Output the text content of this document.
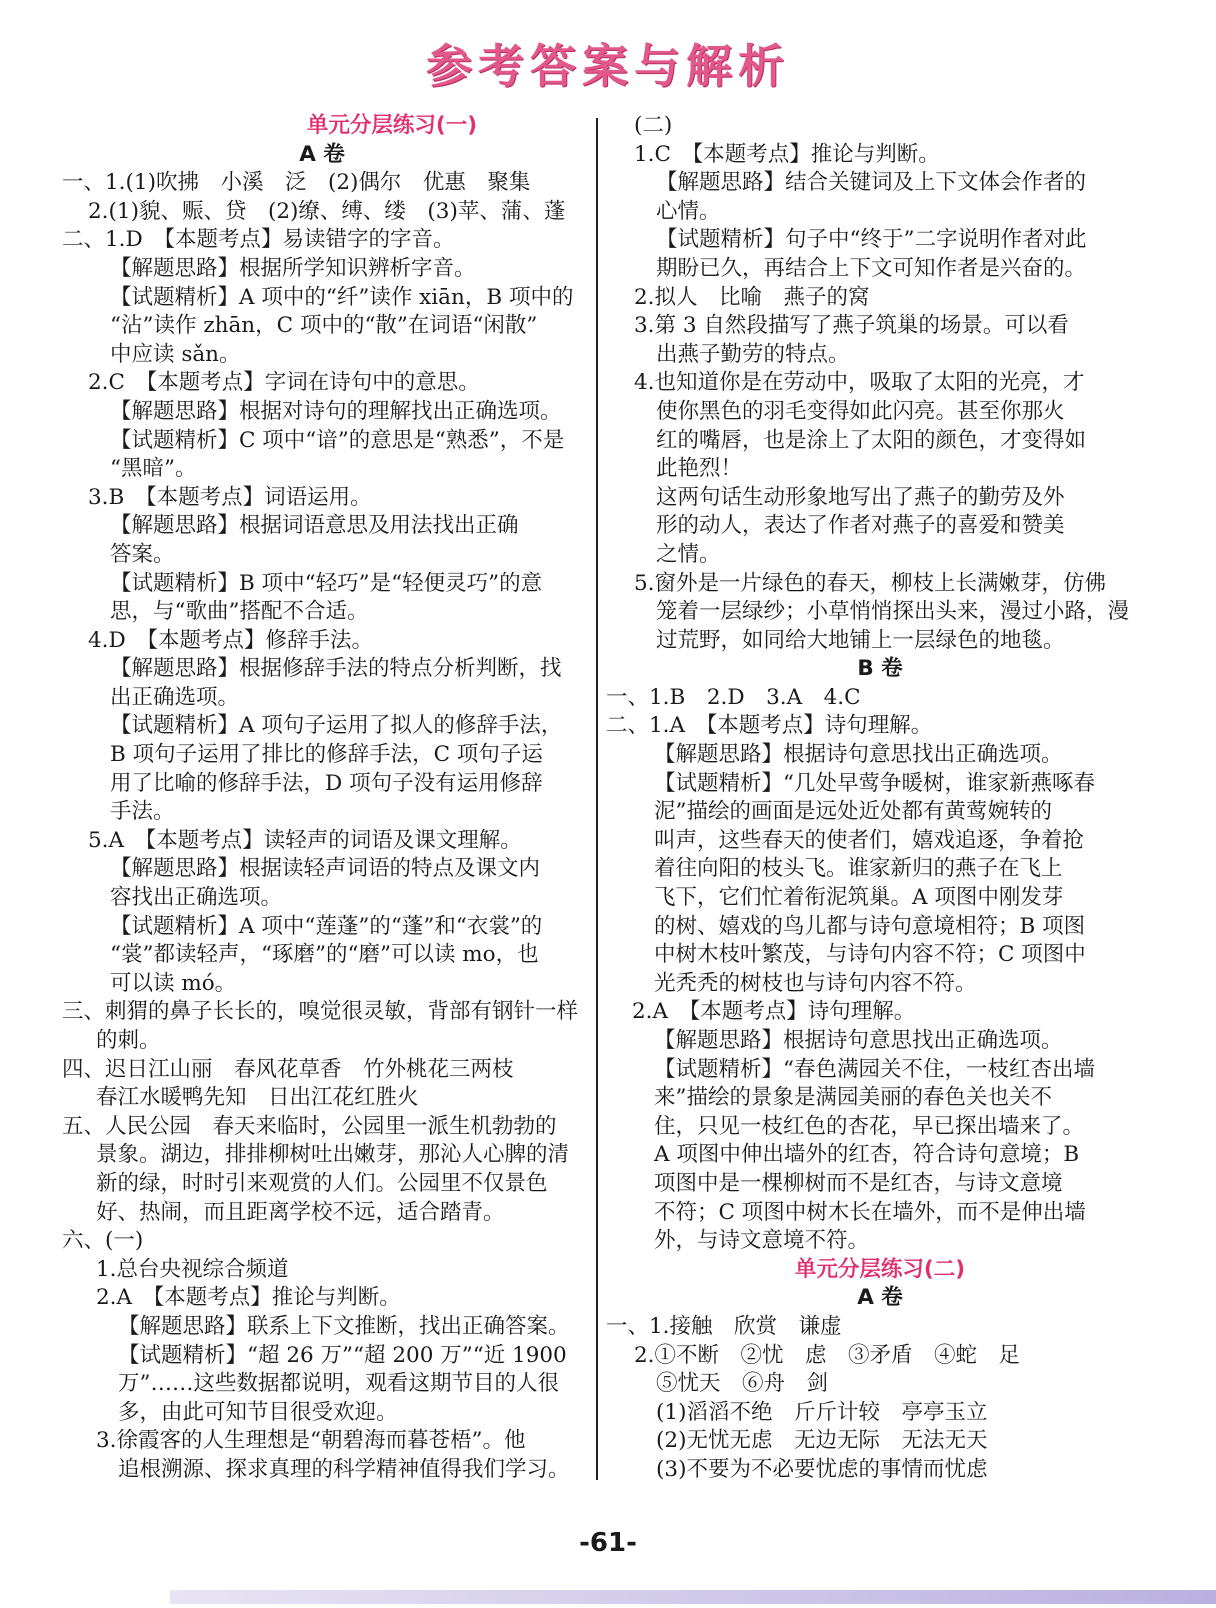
参考答案与解析
单元分层练习(一)
A 卷
一、1.(1)吹拂　小溪　泛　(2)偶尔　优惠　聚集
2.(1)貌、赈、贷　(2)缭、缚、缕　(3)苹、蒲、蓬
二、1.D　【本题考点】易读错字的字音。
【解题思路】根据所学知识辨析字音。
【试题精析】A 项中的“纤”读作 xiān，B 项中的
“沾”读作 zhān，C 项中的“散”在词语“闲散”
中应读 sǎn。
2.C　【本题考点】字词在诗句中的意思。
【解题思路】根据对诗句的理解找出正确选项。
【试题精析】C 项中“谙”的意思是“熟悉”，不是
“黑暗”。
3.B　【本题考点】词语运用。
【解题思路】根据词语意思及用法找出正确
答案。
【试题精析】B 项中“轻巧”是“轻便灵巧”的意
思，与“歌曲”搭配不合适。
4.D　【本题考点】修辞手法。
【解题思路】根据修辞手法的特点分析判断，找
出正确选项。
【试题精析】A 项句子运用了拟人的修辞手法，
B 项句子运用了排比的修辞手法，C 项句子运
用了比喻的修辞手法，D 项句子没有运用修辞
手法。
5.A　【本题考点】读轻声的词语及课文理解。
【解题思路】根据读轻声词语的特点及课文内
容找出正确选项。
【试题精析】A 项中“莲蓬”的“蓬”和“衣裳”的
“裳”都读轻声，“琢磨”的“磨”可以读 mo，也
可以读 mó。
三、刺猬的鼻子长长的，嗅觉很灵敏，背部有钢针一样
的刺。
四、迟日江山丽　春风花草香　竹外桃花三两枝
春江水暖鸭先知　日出江花红胜火
五、人民公园　春天来临时，公园里一派生机勃勃的
景象。湖边，排排柳树吐出嫩芽，那沁人心脾的清
新的绿，时时引来观赏的人们。公园里不仅景色
好、热闹，而且距离学校不远，适合踏青。
六、(一)
1.总台央视综合频道
2.A　【本题考点】推论与判断。
【解题思路】联系上下文推断，找出正确答案。
【试题精析】“超 26 万”“超 200 万”“近 1900
万”……这些数据都说明，观看这期节目的人很
多，由此可知节目很受欢迎。
3.徐霞客的人生理想是“朝碧海而暮苍梧”。他
追根溯源、探求真理的科学精神值得我们学习。
(二)
1.C　【本题考点】推论与判断。
【解题思路】结合关键词及上下文体会作者的
心情。
【试题精析】句子中“终于”二字说明作者对此
期盼已久，再结合上下文可知作者是兴奋的。
2.拟人　比喻　燕子的窝
3.第 3 自然段描写了燕子筑巢的场景。可以看
出燕子勤劳的特点。
4.也知道你是在劳动中，吸取了太阳的光亮，才
使你黑色的羽毛变得如此闪亮。甚至你那火
红的嘴唇，也是涂上了太阳的颜色，才变得如
此艳烈！
这两句话生动形象地写出了燕子的勤劳及外
形的动人，表达了作者对燕子的喜爱和赞美
之情。
5.窗外是一片绿色的春天，柳枝上长满嫩芽，仿佛
笼着一层绿纱；小草悄悄探出头来，漫过小路，漫
过荒野，如同给大地铺上一层绿色的地毯。
B 卷
一、1.B　2.D　3.A　4.C
二、1.A　【本题考点】诗句理解。
【解题思路】根据诗句意思找出正确选项。
【试题精析】“几处早莺争暖树，谁家新燕啄春
泥”描绘的画面是远处近处都有黄莺婉转的
叫声，这些春天的使者们，嬉戏追逐，争着抢
着往向阳的枝头飞。谁家新归的燕子在飞上
飞下，它们忙着衔泥筑巢。A 项图中刚发芽
的树、嬉戏的鸟儿都与诗句意境相符；B 项图
中树木枝叶繁茂，与诗句内容不符；C 项图中
光秃秃的树枝也与诗句内容不符。
2.A　【本题考点】诗句理解。
【解题思路】根据诗句意思找出正确选项。
【试题精析】“春色满园关不住，一枝红杏出墙
来”描绘的景象是满园美丽的春色关也关不
住，只见一枝红色的杏花，早已探出墙来了。
A 项图中伸出墙外的红杏，符合诗句意境；B
项图中是一棵柳树而不是红杏，与诗文意境
不符；C 项图中树木长在墙外，而不是伸出墙
外，与诗文意境不符。
单元分层练习(二)
A 卷
一、1.接触　欣赏　谦虚
2.①不断　②忧　虑　③矛盾　④蛇　足
⑤忧天　⑥舟　剑
(1)滔滔不绝　斤斤计较　亭亭玉立
(2)无忧无虑　无边无际　无法无天
(3)不要为不必要忧虑的事情而忧虑
-61-
